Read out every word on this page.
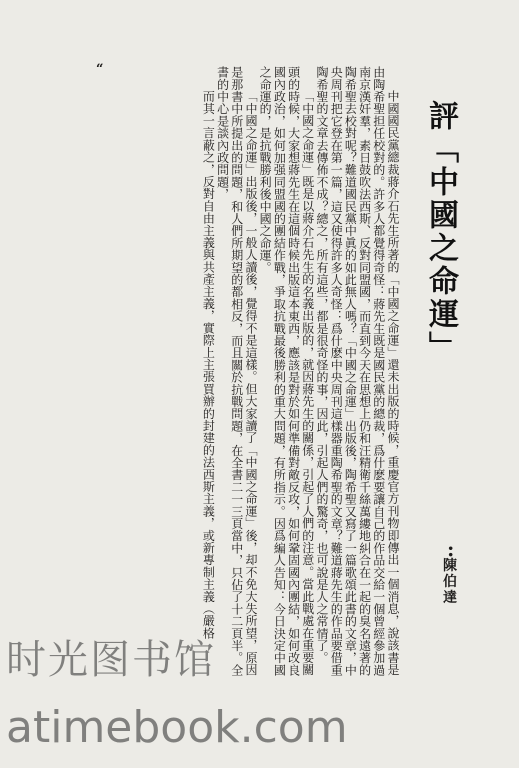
“
評「中國之命運」
••陳伯達

中國國民黨總裁蔣介石先生所著的「中國之命運」還未出版的時候，重慶官方刊物即傳出一個消息，說該書是由陶希聖担任校對的。許多人都覺得奇怪：蔣先生既是國民黨的總裁，爲什麽要讓自己的作品交給一個曾經參加過南京漢奸羣，素日鼓吹法西斯、反對同盟國，而直到今天在思想上仍和汪精衛千絲萬縷地糾合在一起的臭名遠著的陶希聖去校對呢？難道國民黨中眞的如此無人嗎？「中國之命運」出版後，陶希聖又寫了一篇歌頌此書的文章，中央周刊把它登在第一篇，這又使得許多人奇怪：爲什麽中央周刊這樣器重陶希聖的文章？難道蔣先生的作品要借重陶希聖的文章去傳佈不成？總之，所有這些，都是很奇怪的事，因此，引起人們的驚奇，也可說是人之常情了。

「中國之命運」既是以蔣介石先生的名義出版的，就因蔣先生的關係，引起了人們的注意。當此戰處在重要關頭的時候，大家想蔣先生在這個時候出版這本東西，應該是對於如何準備對敵反攻，如何鞏固國內團結，如何改良國內政治，如何加强同盟國的團結作戰，爭取抗戰最後勝利的重大問題，有所指示。因爲編人告知：今日決定中國之命運的，是抗戰勝利後中國之命運。

「中國之命運」出版後，一般人讀後，覺得不是這樣。但大家讀了「中國之命運」後，却不免大失所望，原因是那書中所提出的問題，和人們所期望的都相反，而且關於抗戰問題，在全書二一三頁當中，只佔了十二頁半。全書的中心是談內政問題，

而其一言蔽之，反對自由主義與共產主義，實際上主張買辦的封建的法西斯主義，或新專制主義（嚴格

时光图书馆
atimebook.com
